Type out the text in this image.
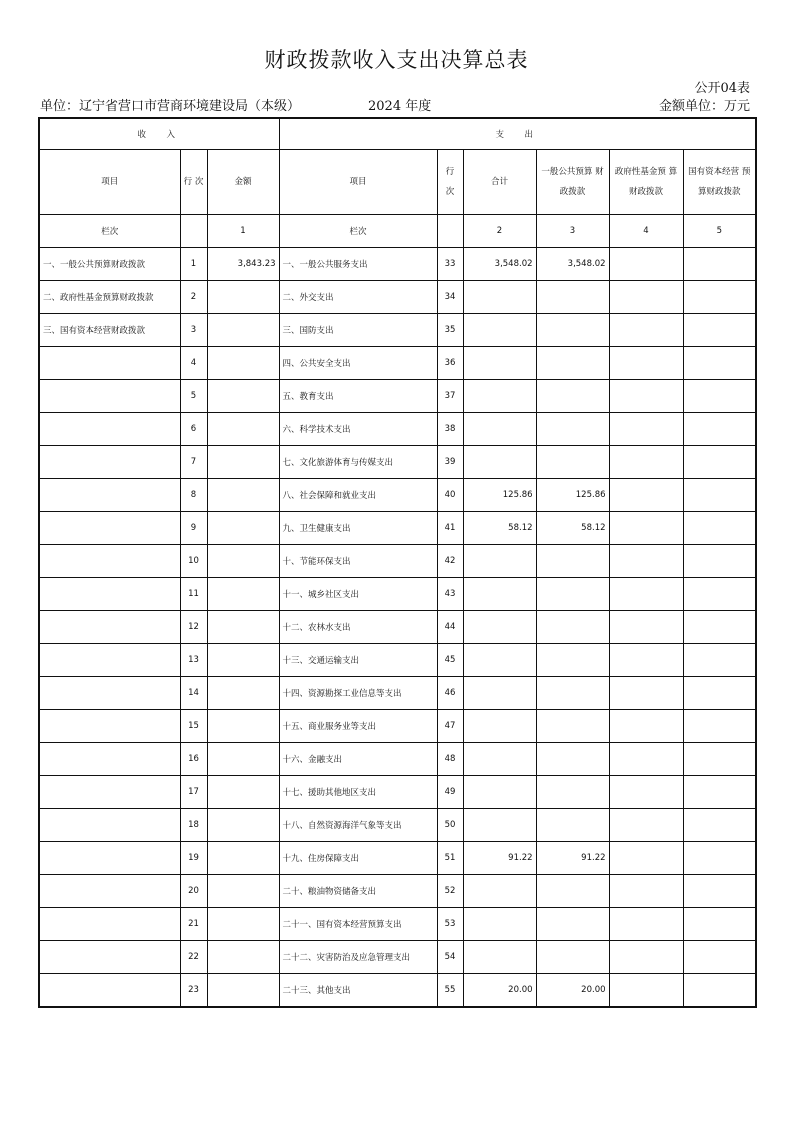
财政拨款收入支出决算总表
公开04表
单位：辽宁省营口市营商环境建设局（本级）	2024 年度	金额单位：万元
收　入			支　出					
项目	行 次	金额	项目	行 次	合计	一般公共预算 财政拨款	政府性基金预 算财政拨款	国有资本经营 预算财政拨款
栏次		1	栏次		2	3	4	5
一、一般公共预算财政拨款	1	3,843.23	一、一般公共服务支出	33	3,548.02	3,548.02		
二、政府性基金预算财政拨款	2		二、外交支出	34				
三、国有资本经营财政拨款	3		三、国防支出	35				
	4		四、公共安全支出	36				
	5		五、教育支出	37				
	6		六、科学技术支出	38				
	7		七、文化旅游体育与传媒支出	39				
	8		八、社会保障和就业支出	40	125.86	125.86		
	9		九、卫生健康支出	41	58.12	58.12		
	10		十、节能环保支出	42				
	11		十一、城乡社区支出	43				
	12		十二、农林水支出	44				
	13		十三、交通运输支出	45				
	14		十四、资源勘探工业信息等支出	46				
	15		十五、商业服务业等支出	47				
	16		十六、金融支出	48				
	17		十七、援助其他地区支出	49				
	18		十八、自然资源海洋气象等支出	50				
	19		十九、住房保障支出	51	91.22	91.22		
	20		二十、粮油物资储备支出	52				
	21		二十一、国有资本经营预算支出	53				
	22		二十二、灾害防治及应急管理支出	54				
	23		二十三、其他支出	55	20.00	20.00		
